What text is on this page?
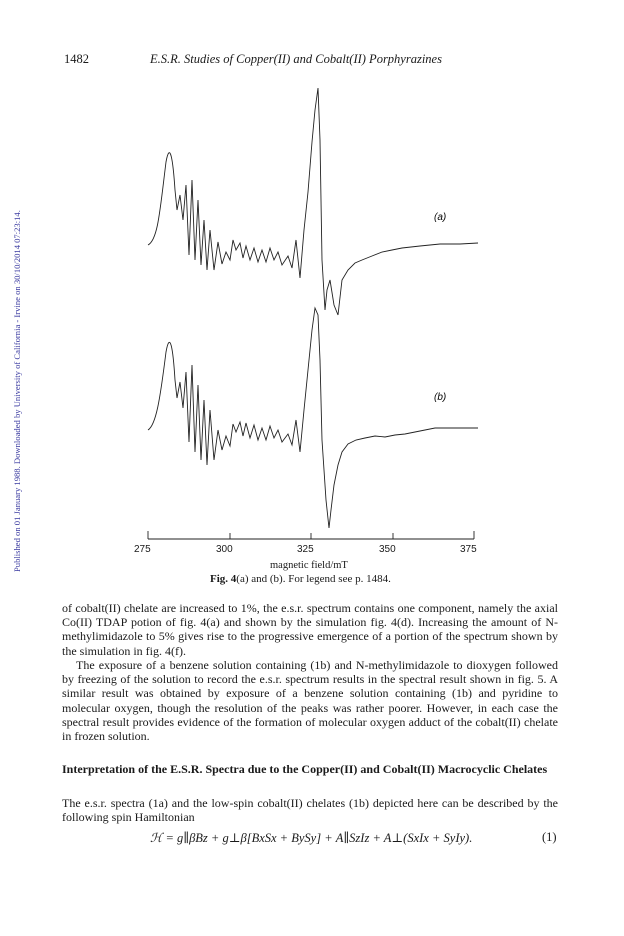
1482	E.S.R. Studies of Copper(II) and Cobalt(II) Porphyrazines
Published on 01 January 1988. Downloaded by University of California - Irvine on 30/10/2014 07:23:14.	(a)
(b)
275	300	325	350	375
magnetic field/mT
Fig. 4(a) and (b). For legend see p. 1484.
of cobalt(II) chelate are increased to 1%, the e.s.r. spectrum contains one component, namely the axial Co(II) TDAP potion of fig. 4(a) and shown by the simulation fig. 4(d). Increasing the amount of N-methylimidazole to 5% gives rise to the progressive emergence of a portion of the spectrum shown by the simulation in fig. 4(f).
The exposure of a benzene solution containing (1b) and N-methylimidazole to dioxygen followed by freezing of the solution to record the e.s.r. spectrum results in the spectral result shown in fig. 5. A similar result was obtained by exposure of a benzene solution containing (1b) and pyridine to molecular oxygen, though the resolution of the peaks was rather poorer. However, in each case the spectral result provides evidence of the formation of molecular oxygen adduct of the cobalt(II) chelate in frozen solution.
Interpretation of the E.S.R. Spectra due to the Copper(II) and Cobalt(II) Macrocyclic Chelates
The e.s.r. spectra (1a) and the low-spin cobalt(II) chelates (1b) depicted here can be described by the following spin Hamiltonian
ℋ = g∥βBz + g⊥β[BxSx + BySy] + A∥SzIz + A⊥(SxIx + SyIy).	(1)
